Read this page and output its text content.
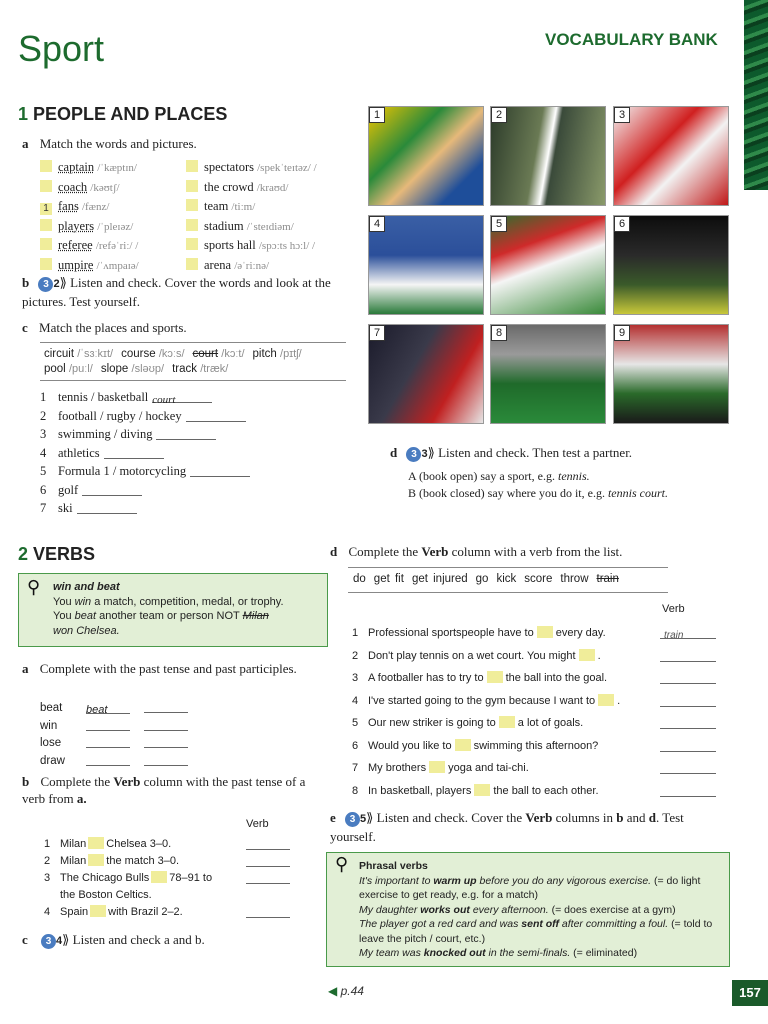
Sport	VOCABULARY BANK
1 PEOPLE AND PLACES
a Match the words and pictures.
captain /ˈkæptɪn/
coach /kəʊtʃ/
1 fans /fænz/
players /ˈpleɪəz/
referee /refəˈriː/ /
umpire /ˈʌmpaɪə/
spectators /spekˈteɪtəz/ /
the crowd /kraʊd/
team /tiːm/
stadium /ˈsteɪdiəm/
sports hall /spɔːts hɔːl/ /
arena /əˈriːnə/
b 3 2⟫ Listen and check. Cover the words and look at the pictures. Test yourself.
c Match the places and sports.
circuit /ˈsɜːkɪt/ course /kɔːs/ court /kɔːt/ pitch /pɪtʃ/pool /puːl/ slope /sləʊp/ track /træk/
1 tennis / basketball court
2 football / rugby / hockey
3 swimming / diving
4 athletics
5 Formula 1 / motorcycling
6 golf
7 ski
1	2	3
4	5	6
7	8	9
d 3 3⟫ Listen and check. Then test a partner.
A (book open) say a sport, e.g. tennis.
B (book closed) say where you do it, e.g. tennis court.
2 VERBS
⚲ win and beat
You win a match, competition, medal, or trophy.
You beat another team or person NOT Milan
won Chelsea.
a Complete with the past tense and past participles.
beat beat
win
lose
draw
b Complete the Verb column with the past tense of a verb from a.
Verb
1 Milan Chelsea 3–0.
2 Milan the match 3–0.
3 The Chicago Bulls 78–91 to
the Boston Celtics.
4 Spain with Brazil 2–2.
c 3 4⟫ Listen and check a and b.
d Complete the Verb column with a verb from the list.
do get fit get injured go kick score throw train
Verb
1 Professional sportspeople have to every day.	train
2 Don't play tennis on a wet court. You might .
3 A footballer has to try to the ball into the goal.
4 I've started going to the gym because I want to .
5 Our new striker is going to a lot of goals.
6 Would you like to swimming this afternoon?
7 My brothers yoga and tai-chi.
8 In basketball, players the ball to each other.
e 3 5⟫ Listen and check. Cover the Verb columns in b and d. Test yourself.
⚲ Phrasal verbs
It's important to warm up before you do any vigorous exercise. (= do light exercise to get ready, e.g. for a match)
My daughter works out every afternoon. (= does exercise at a gym)
The player got a red card and was sent off after committing a foul. (= told to leave the pitch / court, etc.)
My team was knocked out in the semi-finals. (= eliminated)
◀ p.44	157
